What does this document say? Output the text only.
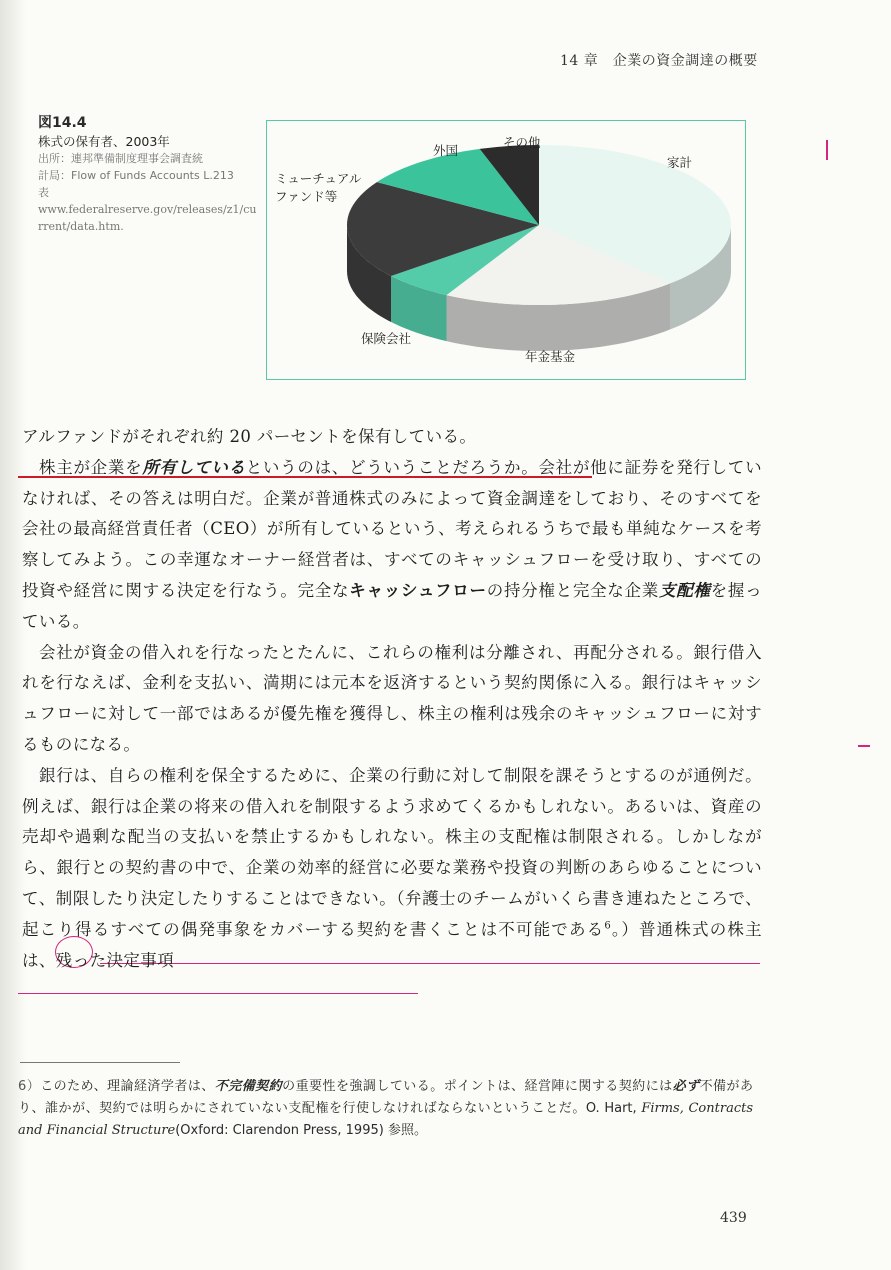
14 章　企業の資金調達の概要
図14.4
株式の保有者、2003年
出所：連邦準備制度理事会調査統
計局：Flow of Funds Accounts L.213
表
www.federalreserve.gov/releases/z1/current/data.htm.
家計
年金基金
保険会社
ミューチュアル
ファンド等
外国
その他

アルファンドがそれぞれ約 20 パーセントを保有している。

株主が企業を所有しているというのは、どういうことだろうか。会社が他に証券を発行していなければ、その答えは明白だ。企業が普通株式のみによって資金調達をしており、そのすべてを会社の最高経営責任者（CEO）が所有しているという、考えられるうちで最も単純なケースを考察してみよう。この幸運なオーナー経営者は、すべてのキャッシュフローを受け取り、すべての投資や経営に関する決定を行なう。完全なキャッシュフローの持分権と完全な企業支配権を握っている。

会社が資金の借入れを行なったとたんに、これらの権利は分離され、再配分される。銀行借入れを行なえば、金利を支払い、満期には元本を返済するという契約関係に入る。銀行はキャッシュフローに対して一部ではあるが優先権を獲得し、株主の権利は残余のキャッシュフローに対するものになる。

銀行は、自らの権利を保全するために、企業の行動に対して制限を課そうとするのが通例だ。例えば、銀行は企業の将来の借入れを制限するよう求めてくるかもしれない。あるいは、資産の売却や過剰な配当の支払いを禁止するかもしれない。株主の支配権は制限される。しかしながら、銀行との契約書の中で、企業の効率的経営に必要な業務や投資の判断のあらゆることについて、制限したり決定したりすることはできない。（弁護士のチームがいくら書き連ねたところで、起こり得るすべての偶発事象をカバーする契約を書くことは不可能である$^6$。）普通株式の株主は、残った決定事項

6）このため、理論経済学者は、不完備契約の重要性を強調している。ポイントは、経営陣に関する契約には必ず不備があり、誰かが、契約では明らかにされていない支配権を行使しなければならないということだ。O. Hart, Firms, Contracts and Financial Structure(Oxford: Clarendon Press, 1995) 参照。
439
